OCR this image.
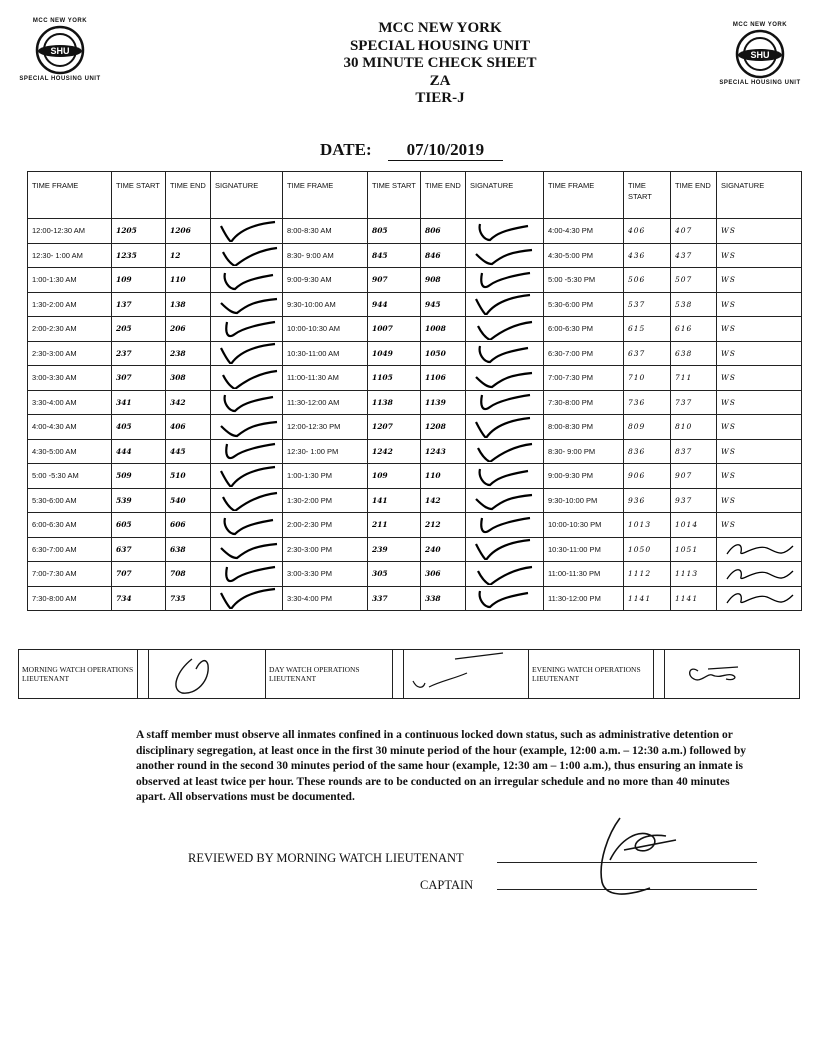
MCC NEW YORK
SHU
SPECIAL HOUSING UNIT
MCC NEW YORK
SHU
SPECIAL HOUSING UNIT
MCC NEW YORK
SPECIAL HOUSING UNIT
30 MINUTE CHECK SHEET
ZA
TIER-J
DATE: 07/10/2019
TIME FRAME	TIME START	TIME END	SIGNATURE	TIME FRAME	TIME START	TIME END	SIGNATURE	TIME FRAME	TIME START	TIME END	SIGNATURE
12:00-12:30 AM	1205	1206		8:00-8:30 AM	805	806		4:00-4:30 PM	406	407	WS
12:30- 1:00 AM	1235	12		8:30- 9:00 AM	845	846		4:30-5:00 PM	436	437	WS
1:00-1:30 AM	109	110		9:00-9:30 AM	907	908		5:00 -5:30 PM	506	507	WS
1:30-2:00 AM	137	138		9:30-10:00 AM	944	945		5:30-6:00 PM	537	538	WS
2:00-2:30 AM	205	206		10:00-10:30 AM	1007	1008		6:00-6:30 PM	615	616	WS
2:30-3:00 AM	237	238		10:30-11:00 AM	1049	1050		6:30-7:00 PM	637	638	WS
3:00-3:30 AM	307	308		11:00-11:30 AM	1105	1106		7:00-7:30 PM	710	711	WS
3:30-4:00 AM	341	342		11:30-12:00 AM	1138	1139		7:30-8:00 PM	736	737	WS
4:00-4:30 AM	405	406		12:00-12:30 PM	1207	1208		8:00-8:30 PM	809	810	WS
4:30-5:00 AM	444	445		12:30- 1:00 PM	1242	1243		8:30- 9:00 PM	836	837	WS
5:00 -5:30 AM	509	510		1:00-1:30 PM	109	110		9:00-9:30 PM	906	907	WS
5:30-6:00 AM	539	540		1:30-2:00 PM	141	142		9:30-10:00 PM	936	937	WS
6:00-6:30 AM	605	606		2:00-2:30 PM	211	212		10:00-10:30 PM	1013	1014	WS
6:30-7:00 AM	637	638		2:30-3:00 PM	239	240		10:30-11:00 PM	1050	1051	

7:00-7:30 AM	707	708		3:00-3:30 PM	305	306		11:00-11:30 PM	1112	1113	

7:30-8:00 AM	734	735		3:30-4:00 PM	337	338		11:30-12:00 PM	1141	1141	
MORNING WATCH OPERATIONS LIEUTENANT			DAY WATCH OPERATIONS LIEUTENANT			EVENING WATCH OPERATIONS LIEUTENANT		
A staff member must observe all inmates confined in a continuous locked down status, such as administrative detention or disciplinary segregation, at least once in the first 30 minute period of the hour (example, 12:00 a.m. – 12:30 a.m.) followed by another round in the second 30 minutes period of the same hour (example, 12:30 am – 1:00 a.m.), thus ensuring an inmate is observed at least twice per hour. These rounds are to be conducted on an irregular schedule and no more than 40 minutes apart. All observations must be documented.
REVIEWED BY MORNING WATCH LIEUTENANT
CAPTAIN
